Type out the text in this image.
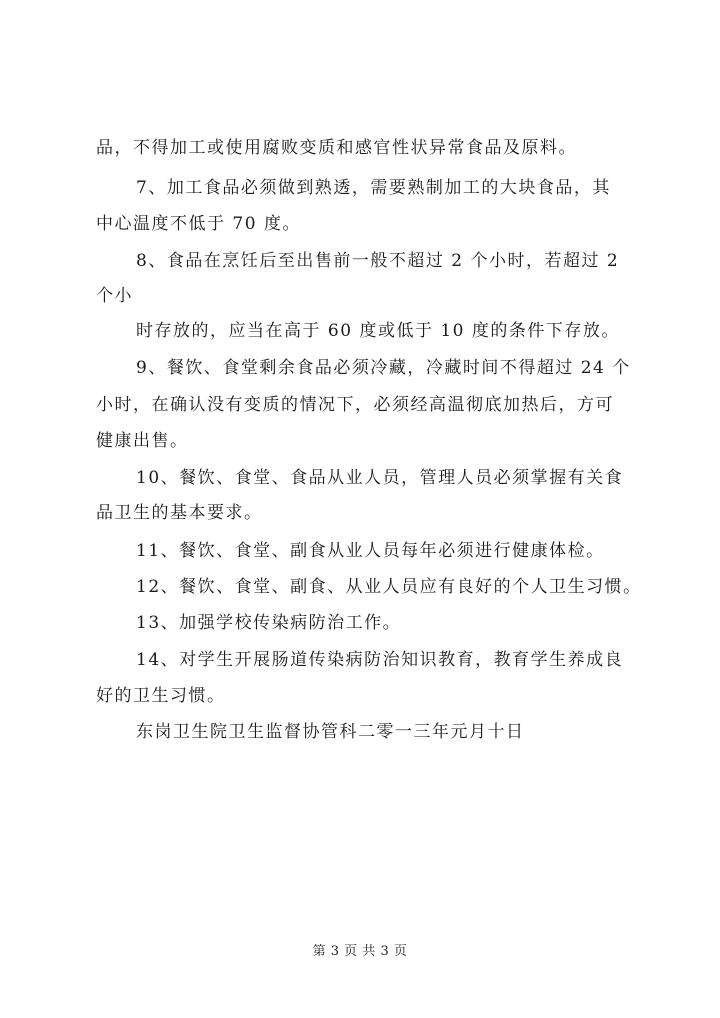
品，不得加工或使用腐败变质和感官性状异常食品及原料。
7、加工食品必须做到熟透，需要熟制加工的大块食品，其
中心温度不低于 70 度。
8、食品在烹饪后至出售前一般不超过 2 个小时，若超过 2
个小
时存放的，应当在高于 60 度或低于 10 度的条件下存放。
9、餐饮、食堂剩余食品必须冷藏，冷藏时间不得超过 24 个
小时，在确认没有变质的情况下，必须经高温彻底加热后，方可
健康出售。
10、餐饮、食堂、食品从业人员，管理人员必须掌握有关食
品卫生的基本要求。
11、餐饮、食堂、副食从业人员每年必须进行健康体检。
12、餐饮、食堂、副食、从业人员应有良好的个人卫生习惯。
13、加强学校传染病防治工作。
14、对学生开展肠道传染病防治知识教育，教育学生养成良
好的卫生习惯。
东岗卫生院卫生监督协管科二零一三年元月十日
第 3 页 共 3 页
